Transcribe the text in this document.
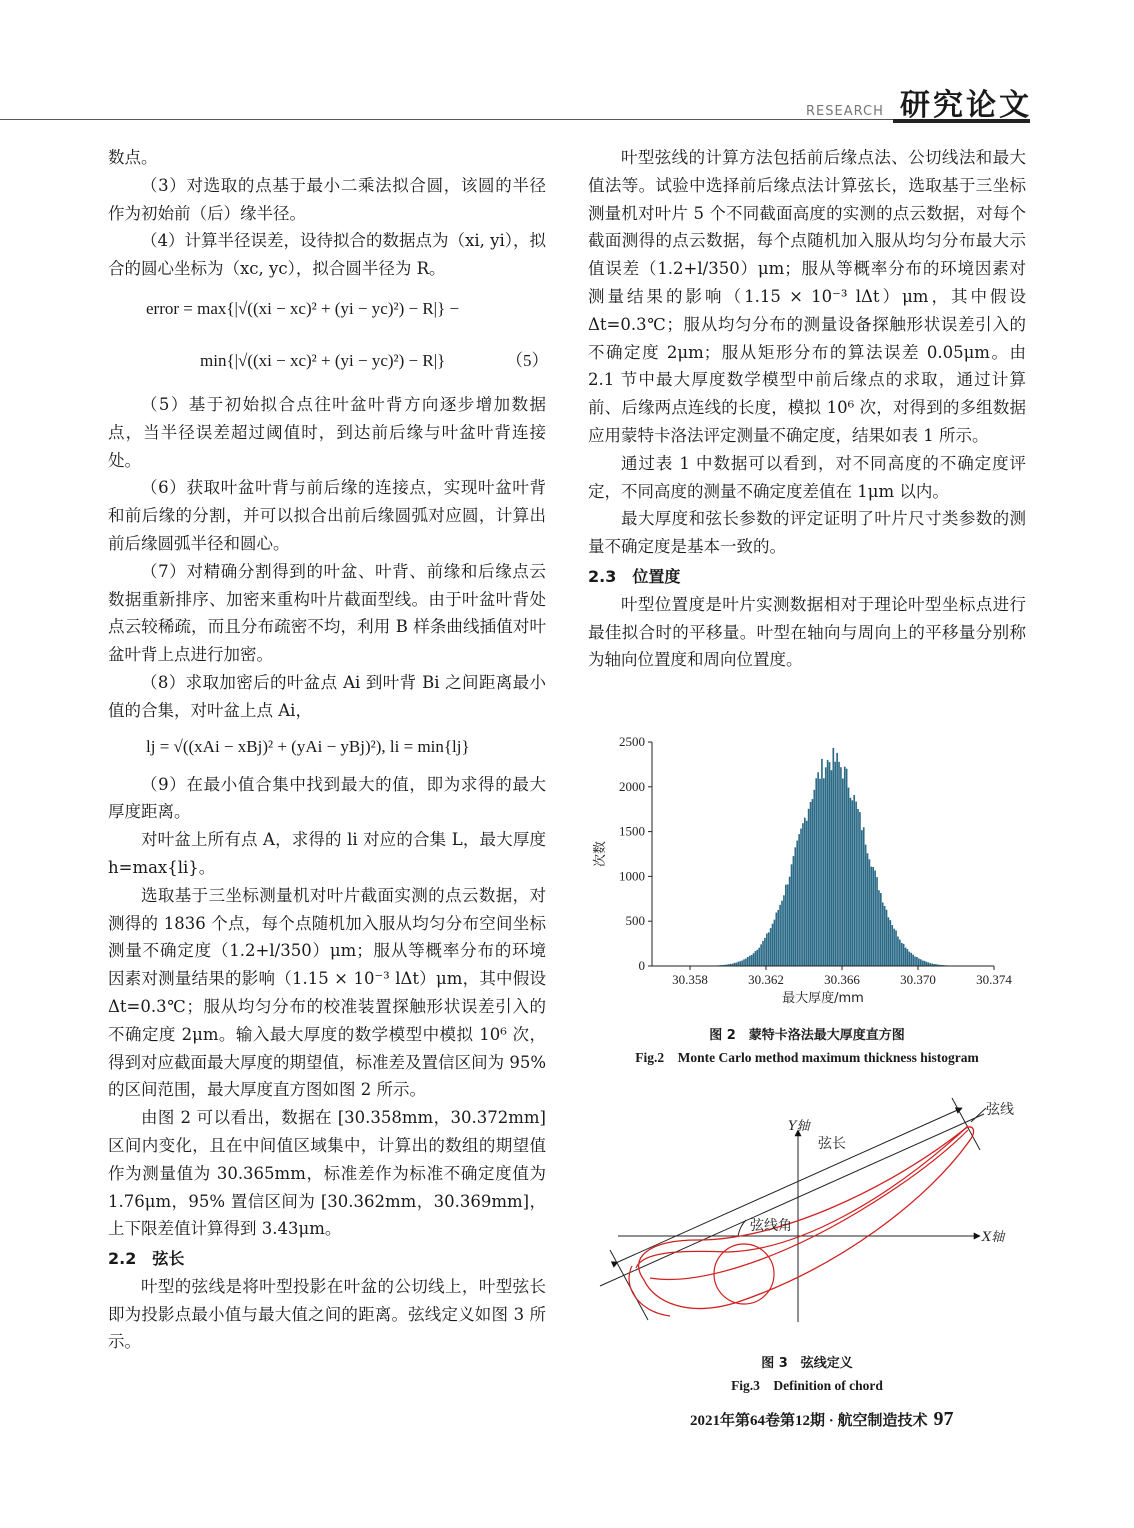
RESEARCH 研究论文

数点。

（3）对选取的点基于最小二乘法拟合圆，该圆的半径作为初始前（后）缘半径。

（4）计算半径误差，设待拟合的数据点为（xi, yi），拟合的圆心坐标为（xc, yc），拟合圆半径为 R。

error = max{|√((xi − xc)² + (yi − yc)²) − R|} −
min{|√((xi − xc)² + (yi − yc)²) − R|}	（5）

（5）基于初始拟合点往叶盆叶背方向逐步增加数据点，当半径误差超过阈值时，到达前后缘与叶盆叶背连接处。

（6）获取叶盆叶背与前后缘的连接点，实现叶盆叶背和前后缘的分割，并可以拟合出前后缘圆弧对应圆，计算出前后缘圆弧半径和圆心。

（7）对精确分割得到的叶盆、叶背、前缘和后缘点云数据重新排序、加密来重构叶片截面型线。由于叶盆叶背处点云较稀疏，而且分布疏密不均，利用 B 样条曲线插值对叶盆叶背上点进行加密。

（8）求取加密后的叶盆点 Ai 到叶背 Bi 之间距离最小值的合集，对叶盆上点 Ai，

lj = √((xAi − xBj)² + (yAi − yBj)²), li = min{lj}

（9）在最小值合集中找到最大的值，即为求得的最大厚度距离。

对叶盆上所有点 A，求得的 li 对应的合集 L，最大厚度 h=max{li}。

选取基于三坐标测量机对叶片截面实测的点云数据，对测得的 1836 个点，每个点随机加入服从均匀分布空间坐标测量不确定度（1.2+l/350）μm；服从等概率分布的环境因素对测量结果的影响（1.15 × 10⁻³ lΔt）μm，其中假设 Δt=0.3℃；服从均匀分布的校准装置探触形状误差引入的不确定度 2μm。输入最大厚度的数学模型中模拟 10⁶ 次，得到对应截面最大厚度的期望值，标准差及置信区间为 95% 的区间范围，最大厚度直方图如图 2 所示。

由图 2 可以看出，数据在 [30.358mm，30.372mm] 区间内变化，且在中间值区域集中，计算出的数组的期望值作为测量值为 30.365mm，标准差作为标准不确定度值为 1.76μm，95% 置信区间为 [30.362mm，30.369mm]，上下限差值计算得到 3.43μm。

2.2　弦长

叶型的弦线是将叶型投影在叶盆的公切线上，叶型弦长即为投影点最小值与最大值之间的距离。弦线定义如图 3 所示。

叶型弦线的计算方法包括前后缘点法、公切线法和最大值法等。试验中选择前后缘点法计算弦长，选取基于三坐标测量机对叶片 5 个不同截面高度的实测的点云数据，对每个截面测得的点云数据，每个点随机加入服从均匀分布最大示值误差（1.2+l/350）μm；服从等概率分布的环境因素对测量结果的影响（1.15 × 10⁻³ lΔt）μm，其中假设 Δt=0.3℃；服从均匀分布的测量设备探触形状误差引入的不确定度 2μm；服从矩形分布的算法误差 0.05μm。由 2.1 节中最大厚度数学模型中前后缘点的求取，通过计算前、后缘两点连线的长度，模拟 10⁶ 次，对得到的多组数据应用蒙特卡洛法评定测量不确定度，结果如表 1 所示。

通过表 1 中数据可以看到，对不同高度的不确定度评定，不同高度的测量不确定度差值在 1μm 以内。

最大厚度和弦长参数的评定证明了叶片尺寸类参数的测量不确定度是基本一致的。

2.3　位置度

叶型位置度是叶片实测数据相对于理论叶型坐标点进行最佳拟合时的平移量。叶型在轴向与周向上的平移量分别称为轴向位置度和周向位置度。

0
500
1000
1500
2000
2500
30.358	30.362	30.366	30.370	30.374
最大厚度/mm
次数
图 2　蒙特卡洛法最大厚度直方图
Fig.2　Monte Carlo method maximum thickness histogram
弦线
Y轴
弦长
弦线角
X轴
图 3　弦线定义
Fig.3　Definition of chord
2021年第64卷第12期 · 航空制造技术 97
